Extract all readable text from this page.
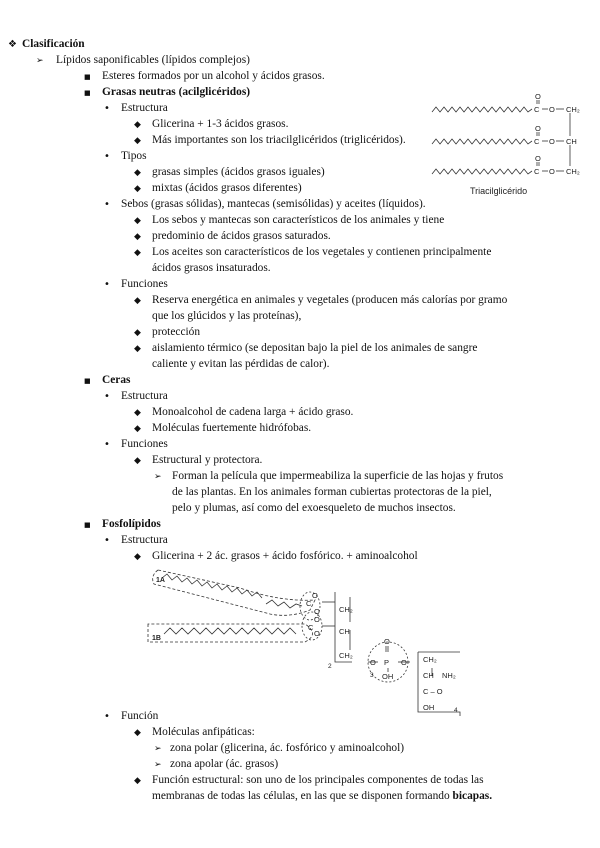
❖ Clasificación
➢ Lípidos saponificables (lípidos complejos)
■ Esteres formados por un alcohol y ácidos grasos.
■ Grasas neutras (acilglicéridos)
• Estructura
◆ Glicerina + 1-3 ácidos grasos.
◆ Más importantes son los triacilglicéridos (triglicéridos).
• Tipos
◆ grasas simples (ácidos grasos iguales)
◆ mixtas (ácidos grasos diferentes)
• Sebos (grasas sólidas), mantecas (semisólidas) y aceites (líquidos).
◆ Los sebos y mantecas son característicos de los animales y tiene
◆ predominio de ácidos grasos saturados.
◆ Los aceites son característicos de los vegetales y contienen principalmente
ácidos grasos insaturados.
• Funciones
◆ Reserva energética en animales y vegetales (producen más calorías por gramo
que los glúcidos y las proteínas),
◆ protección
◆ aislamiento térmico (se depositan bajo la piel de los animales de sangre
caliente y evitan las pérdidas de calor).
O
C O
CH
CH₂
O
C O
O
C O CH₂
Triacilglicérido
■ Ceras
• Estructura
◆ Monoalcohol de cadena larga + ácido graso.
◆ Moléculas fuertemente hidrófobas.
• Funciones
◆ Estructural y protectora.
➢ Forman la película que impermeabiliza la superficie de las hojas y frutos
de las plantas. En los animales forman cubiertas protectoras de la piel,
pelo y plumas, así como del exoesqueleto de muchos insectos.
■ Fosfolípidos
• Estructura
◆ Glicerina + 2 ác. grasos + ácido fosfórico. + aminoalcohol
1A
1B
C
O
O
C
O
O
CH₂
CH
CH₂
2	O P
O
O
OH
3
CH₂
CH NH₂
C – O
OH	4
• Función
◆ Moléculas anfipáticas:
➢ zona polar (glicerina, ác. fosfórico y aminoalcohol)
➢ zona apolar (ác. grasos)
◆ Función estructural: son uno de los principales componentes de todas las
membranas de todas las células, en las que se disponen formando bicapas.
